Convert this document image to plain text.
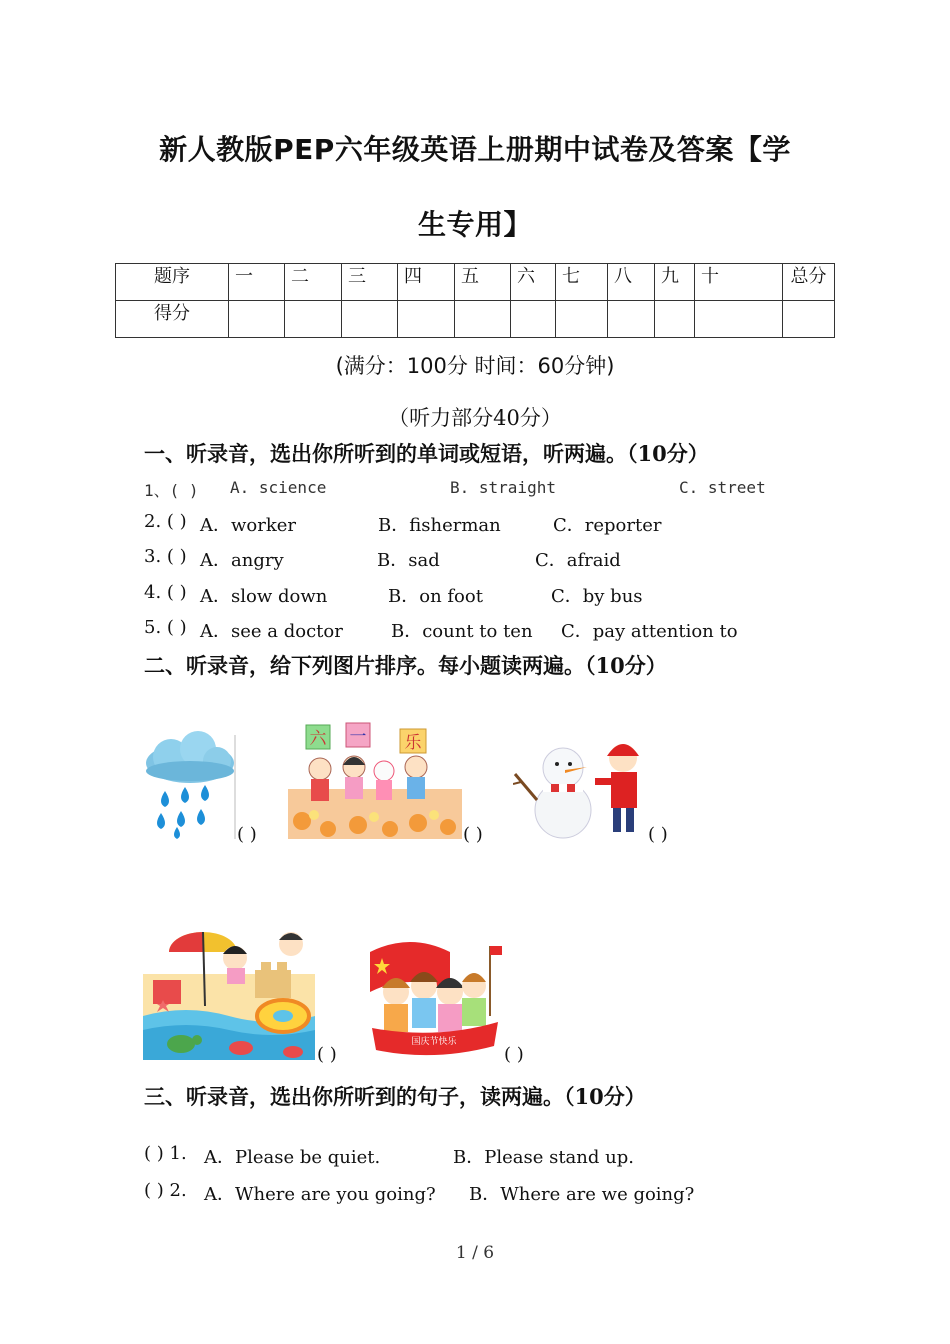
新人教版PEP六年级英语上册期中试卷及答案【学
生专用】
题序	一	二	三	四	五	六	七	八	九	十	总分
得分											
(满分：100分 时间：60分钟)
（听力部分40分）
一、听录音，选出你所听到的单词或短语，听两遍。（10分）
1、( ) A. science	B. straight	C. street
2. ( ) A．worker	B．fisherman	C．reporter
3. ( ) A．angry	B．sad	C．afraid
4. ( ) A．slow down	B．on foot	C．by bus
5. ( ) A．see a doctor	B．count to ten C．pay attention to
二、听录音，给下列图片排序。每小题读两遍。（10分）
( )
六 一 乐
( )	( )
( )
国庆节快乐
( )
三、听录音，选出你所听到的句子，读两遍。（10分）
( ) 1. A．Please be quiet.	B．Please stand up.
( ) 2. A．Where are you going? B．Where are we going?
1 / 6
